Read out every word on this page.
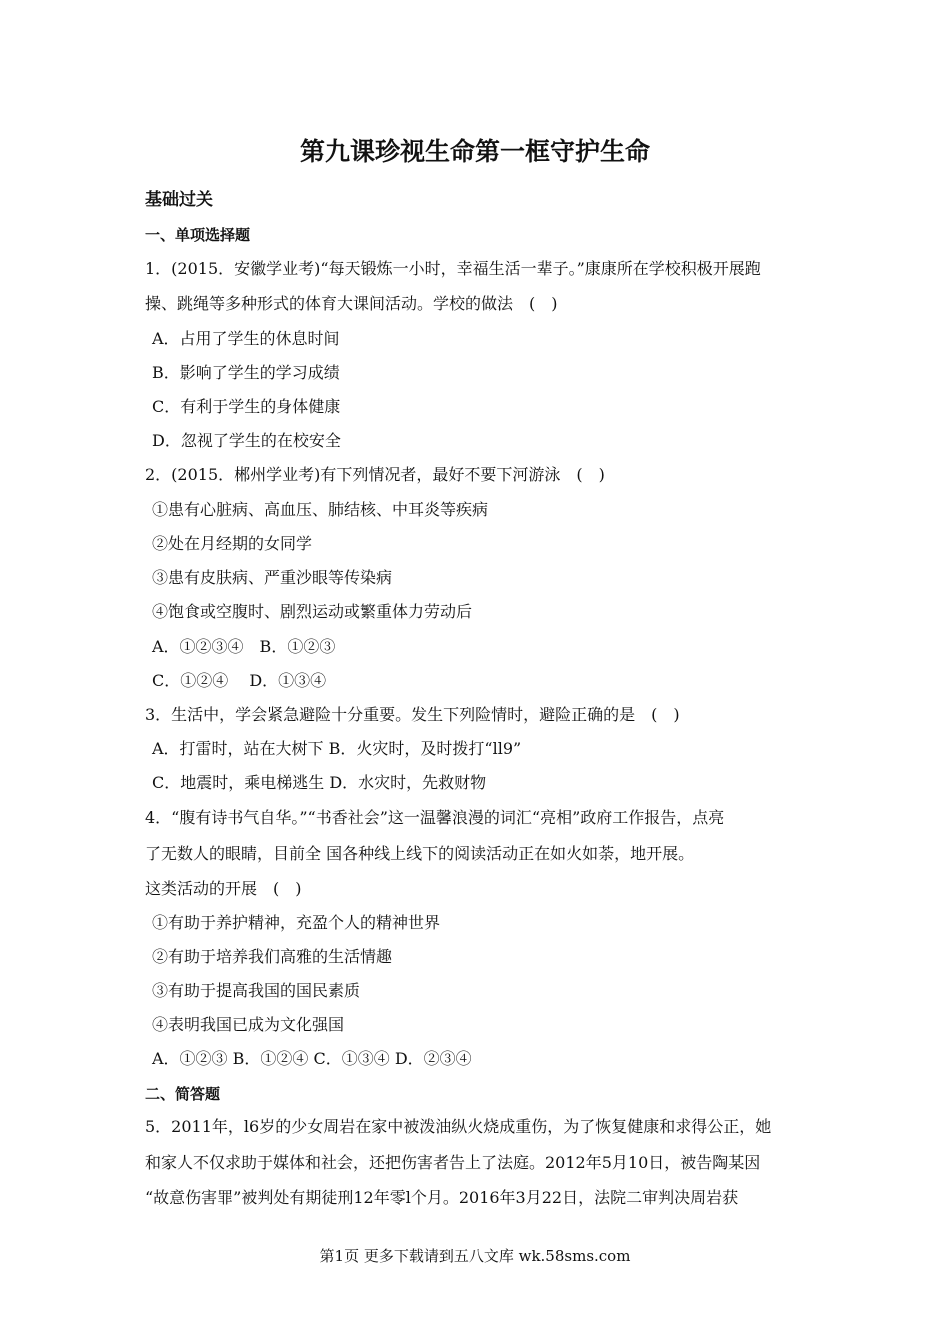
第九课珍视生命第一框守护生命
基础过关
一、单项选择题
1．(2015．安徽学业考)“每天锻炼一小时，幸福生活一辈子。”康康所在学校积极开展跑
操、跳绳等多种形式的体育大课间活动。学校的做法　(　)
A．占用了学生的休息时间
B．影响了学生的学习成绩
C．有利于学生的身体健康
D．忽视了学生的在校安全
2．(2015．郴州学业考)有下列情况者，最好不要下河游泳　(　)
①患有心脏病、高血压、肺结核、中耳炎等疾病
②处在月经期的女同学
③患有皮肤病、严重沙眼等传染病
④饱食或空腹时、剧烈运动或繁重体力劳动后
A．①②③④　B．①②③
C．①②④　 D．①③④
3．生活中，学会紧急避险十分重要。发生下列险情时，避险正确的是　(　)
A．打雷时，站在大树下 B．火灾时，及时拨打“ll9”
C．地震时，乘电梯逃生 D．水灾时，先救财物
4．“腹有诗书气自华。”“书香社会”这一温馨浪漫的词汇“亮相”政府工作报告，点亮
了无数人的眼睛，目前全 国各种线上线下的阅读活动正在如火如荼，地开展。
这类活动的开展　(　)
①有助于养护精神，充盈个人的精神世界
②有助于培养我们高雅的生活情趣
③有助于提高我国的国民素质
④表明我国已成为文化强国
A．①②③ B．①②④ C．①③④ D．②③④
二、简答题
5．2011年，l6岁的少女周岩在家中被泼油纵火烧成重伤，为了恢复健康和求得公正，她
和家人不仅求助于媒体和社会，还把伤害者告上了法庭。2012年5月10日，被告陶某因
“故意伤害罪”被判处有期徒刑12年零l个月。2016年3月22日，法院二审判决周岩获
第1页 更多下载请到五八文库 wk.58sms.com
